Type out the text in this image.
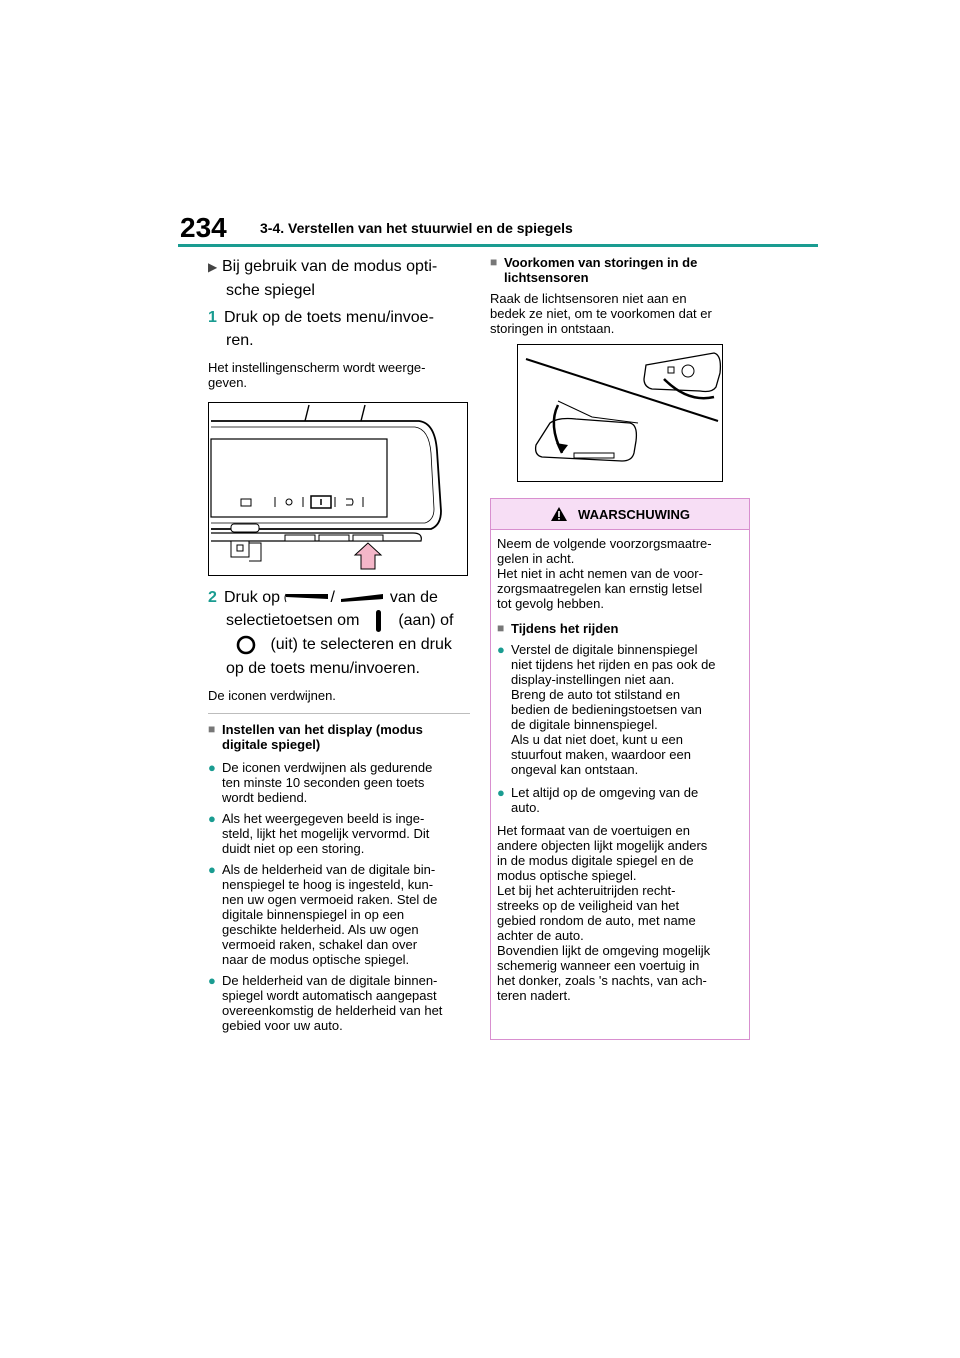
234 3-4. Verstellen van het stuurwiel en de spiegels
▶ Bij gebruik van de modus opti-
sche spiegel
1 Druk op de toets menu/invoe-
ren.
Het instellingenscherm wordt weerge-
geven.
2 Druk op	/	van de
selectietoetsen om (aan) of
(uit) te selecteren en druk
op de toets menu/invoeren.
De iconen verdwijnen.
■ Instellen van het display (modus
digitale spiegel)
● De iconen verdwijnen als gedurende
ten minste 10 seconden geen toets
wordt bediend.
● Als het weergegeven beeld is inge-
steld, lijkt het mogelijk vervormd. Dit
duidt niet op een storing.
● Als de helderheid van de digitale bin-
nenspiegel te hoog is ingesteld, kun-
nen uw ogen vermoeid raken. Stel de
digitale binnenspiegel in op een
geschikte helderheid. Als uw ogen
vermoeid raken, schakel dan over
naar de modus optische spiegel.
● De helderheid van de digitale binnen-
spiegel wordt automatisch aangepast
overeenkomstig de helderheid van het
gebied voor uw auto.
■ Voorkomen van storingen in de
lichtsensoren
Raak de lichtsensoren niet aan en
bedek ze niet, om te voorkomen dat er
storingen in ontstaan.
WAARSCHUWING
Neem de volgende voorzorgsmaatre-
gelen in acht.
Het niet in acht nemen van de voor-
zorgsmaatregelen kan ernstig letsel
tot gevolg hebben.
■ Tijdens het rijden
● Verstel de digitale binnenspiegel
niet tijdens het rijden en pas ook de
display-instellingen niet aan.
Breng de auto tot stilstand en
bedien de bedieningstoetsen van
de digitale binnenspiegel.
Als u dat niet doet, kunt u een
stuurfout maken, waardoor een
ongeval kan ontstaan.
● Let altijd op de omgeving van de
auto.
Het formaat van de voertuigen en
andere objecten lijkt mogelijk anders
in de modus digitale spiegel en de
modus optische spiegel.
Let bij het achteruitrijden recht-
streeks op de veiligheid van het
gebied rondom de auto, met name
achter de auto.
Bovendien lijkt de omgeving mogelijk
schemerig wanneer een voertuig in
het donker, zoals 's nachts, van ach-
teren nadert.
